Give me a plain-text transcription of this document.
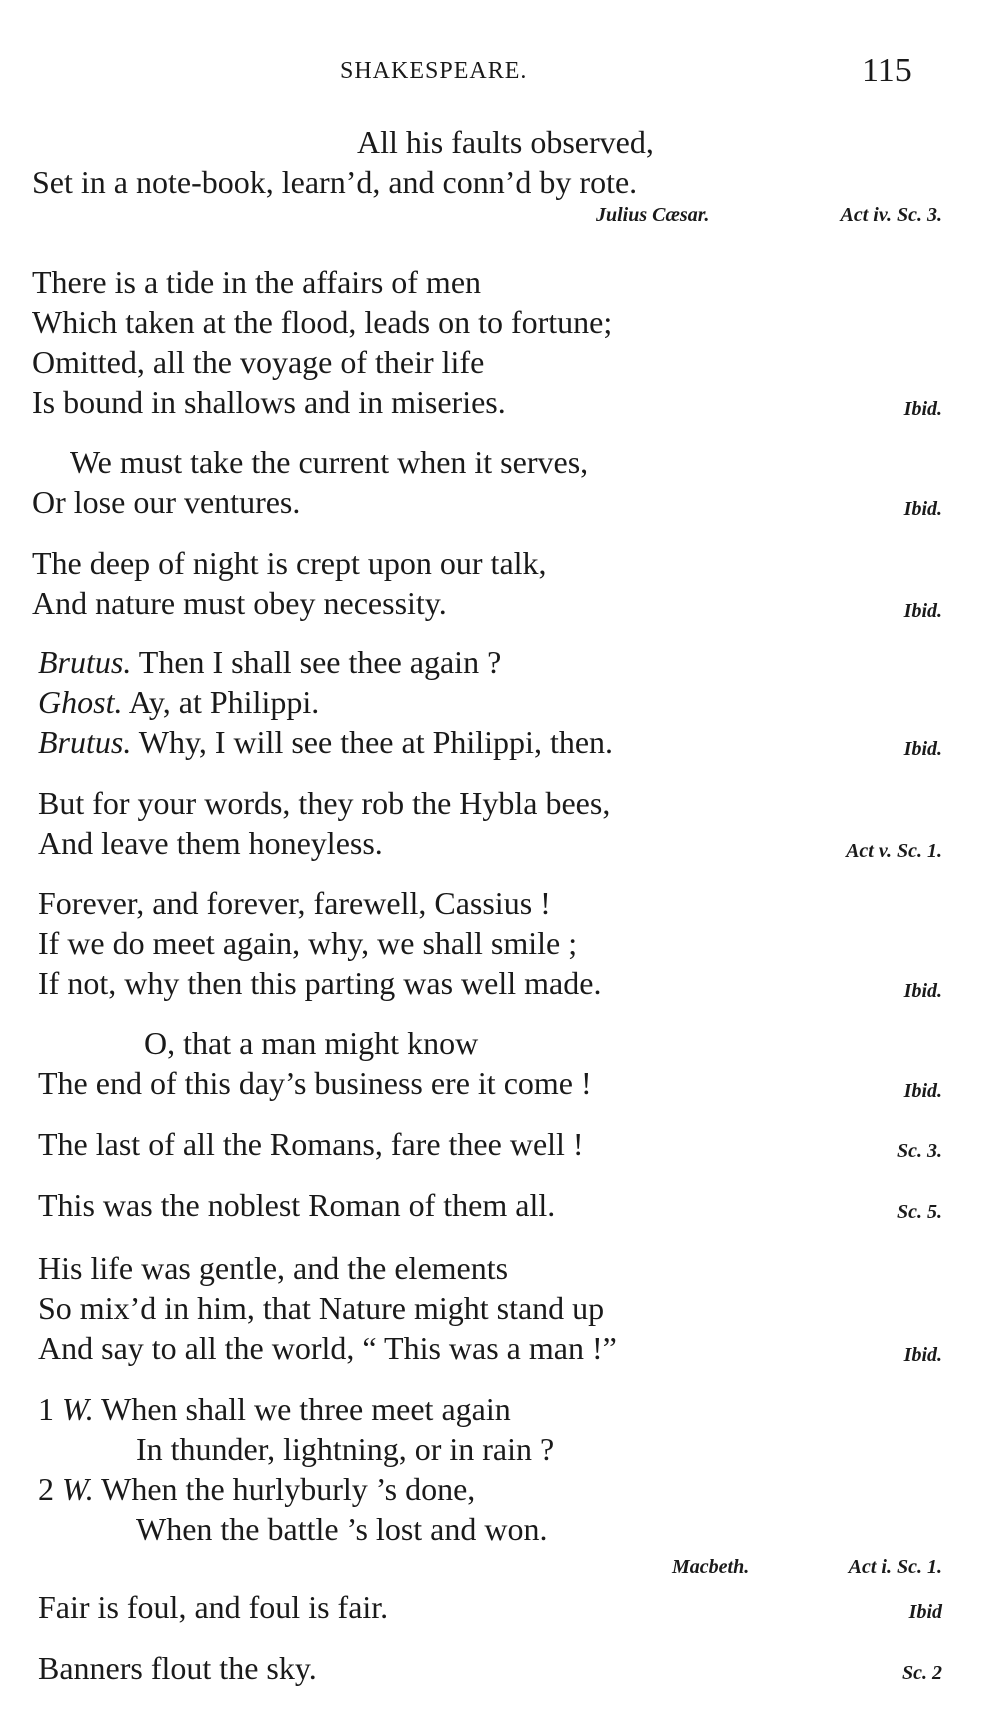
SHAKESPEARE.	115
All his faults observed,
Set in a note-book, learn’d, and conn’d by rote.
Julius Cæsar.	Act iv. Sc. 3.
There is a tide in the affairs of men
Which taken at the flood, leads on to fortune;
Omitted, all the voyage of their life
Is bound in shallows and in miseries.	Ibid.
We must take the current when it serves,
Or lose our ventures.	Ibid.
The deep of night is crept upon our talk,
And nature must obey necessity.	Ibid.
Brutus. Then I shall see thee again ?
Ghost. Ay, at Philippi.
Brutus. Why, I will see thee at Philippi, then.	Ibid.
But for your words, they rob the Hybla bees,
And leave them honeyless.	Act v. Sc. 1.
Forever, and forever, farewell, Cassius !
If we do meet again, why, we shall smile ;
If not, why then this parting was well made.	Ibid.
O, that a man might know
The end of this day’s business ere it come !	Ibid.
The last of all the Romans, fare thee well !	Sc. 3.
This was the noblest Roman of them all.	Sc. 5.
His life was gentle, and the elements
So mix’d in him, that Nature might stand up
And say to all the world, “ This was a man !”	Ibid.
1 W. When shall we three meet again
In thunder, lightning, or in rain ?
2 W. When the hurlyburly ’s done,
When the battle ’s lost and won.
Macbeth.	Act i. Sc. 1.
Fair is foul, and foul is fair.	Ibid
Banners flout the sky.	Sc. 2
